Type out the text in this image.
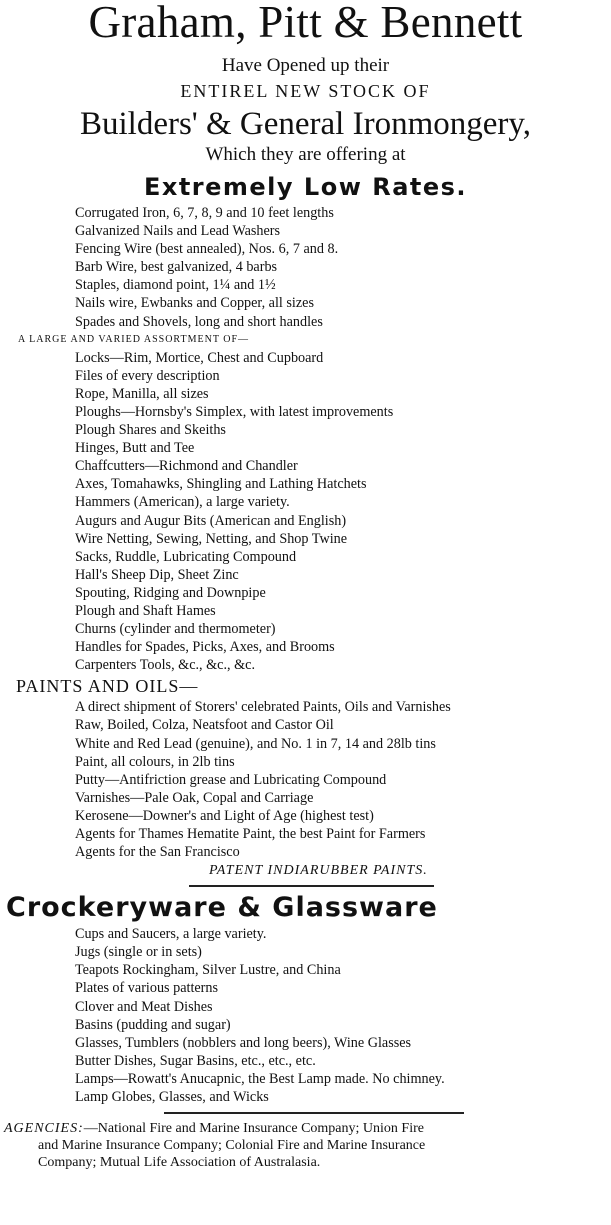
Graham, Pitt & Bennett
Have Opened up their
ENTIREL NEW STOCK OF
Builders' & General Ironmongery,
Which they are offering at
Extremely Low Rates.
Corrugated Iron, 6, 7, 8, 9 and 10 feet lengths
Galvanized Nails and Lead Washers
Fencing Wire (best annealed), Nos. 6, 7 and 8.
Barb Wire, best galvanized, 4 barbs
Staples, diamond point, 1¼ and 1½
Nails wire, Ewbanks and Copper, all sizes
Spades and Shovels, long and short handles
A LARGE AND VARIED ASSORTMENT OF—
Locks—Rim, Mortice, Chest and Cupboard
Files of every description
Rope, Manilla, all sizes
Ploughs—Hornsby's Simplex, with latest improvements
Plough Shares and Skeiths
Hinges, Butt and Tee
Chaffcutters—Richmond and Chandler
Axes, Tomahawks, Shingling and Lathing Hatchets
Hammers (American), a large variety.
Augurs and Augur Bits (American and English)
Wire Netting, Sewing, Netting, and Shop Twine
Sacks, Ruddle, Lubricating Compound
Hall's Sheep Dip, Sheet Zinc
Spouting, Ridging and Downpipe
Plough and Shaft Hames
Churns (cylinder and thermometer)
Handles for Spades, Picks, Axes, and Brooms
Carpenters Tools, &c., &c., &c.
PAINTS AND OILS—
A direct shipment of Storers' celebrated Paints, Oils and Varnishes
Raw, Boiled, Colza, Neatsfoot and Castor Oil
White and Red Lead (genuine), and No. 1 in 7, 14 and 28lb tins
Paint, all colours, in 2lb tins
Putty—Antifriction grease and Lubricating Compound
Varnishes—Pale Oak, Copal and Carriage
Kerosene—Downer's and Light of Age (highest test)
Agents for Thames Hematite Paint, the best Paint for Farmers
Agents for the San Francisco
PATENT INDIARUBBER PAINTS.
Crockeryware & Glassware
Cups and Saucers, a large variety.
Jugs (single or in sets)
Teapots Rockingham, Silver Lustre, and China
Plates of various patterns
Clover and Meat Dishes
Basins (pudding and sugar)
Glasses, Tumblers (nobblers and long beers), Wine Glasses
Butter Dishes, Sugar Basins, etc., etc., etc.
Lamps—Rowatt's Anucapnic, the Best Lamp made. No chimney.
Lamp Globes, Glasses, and Wicks
AGENCIES:—National Fire and Marine Insurance Company; Union Fire
and Marine Insurance Company; Colonial Fire and Marine Insurance
Company; Mutual Life Association of Australasia.
